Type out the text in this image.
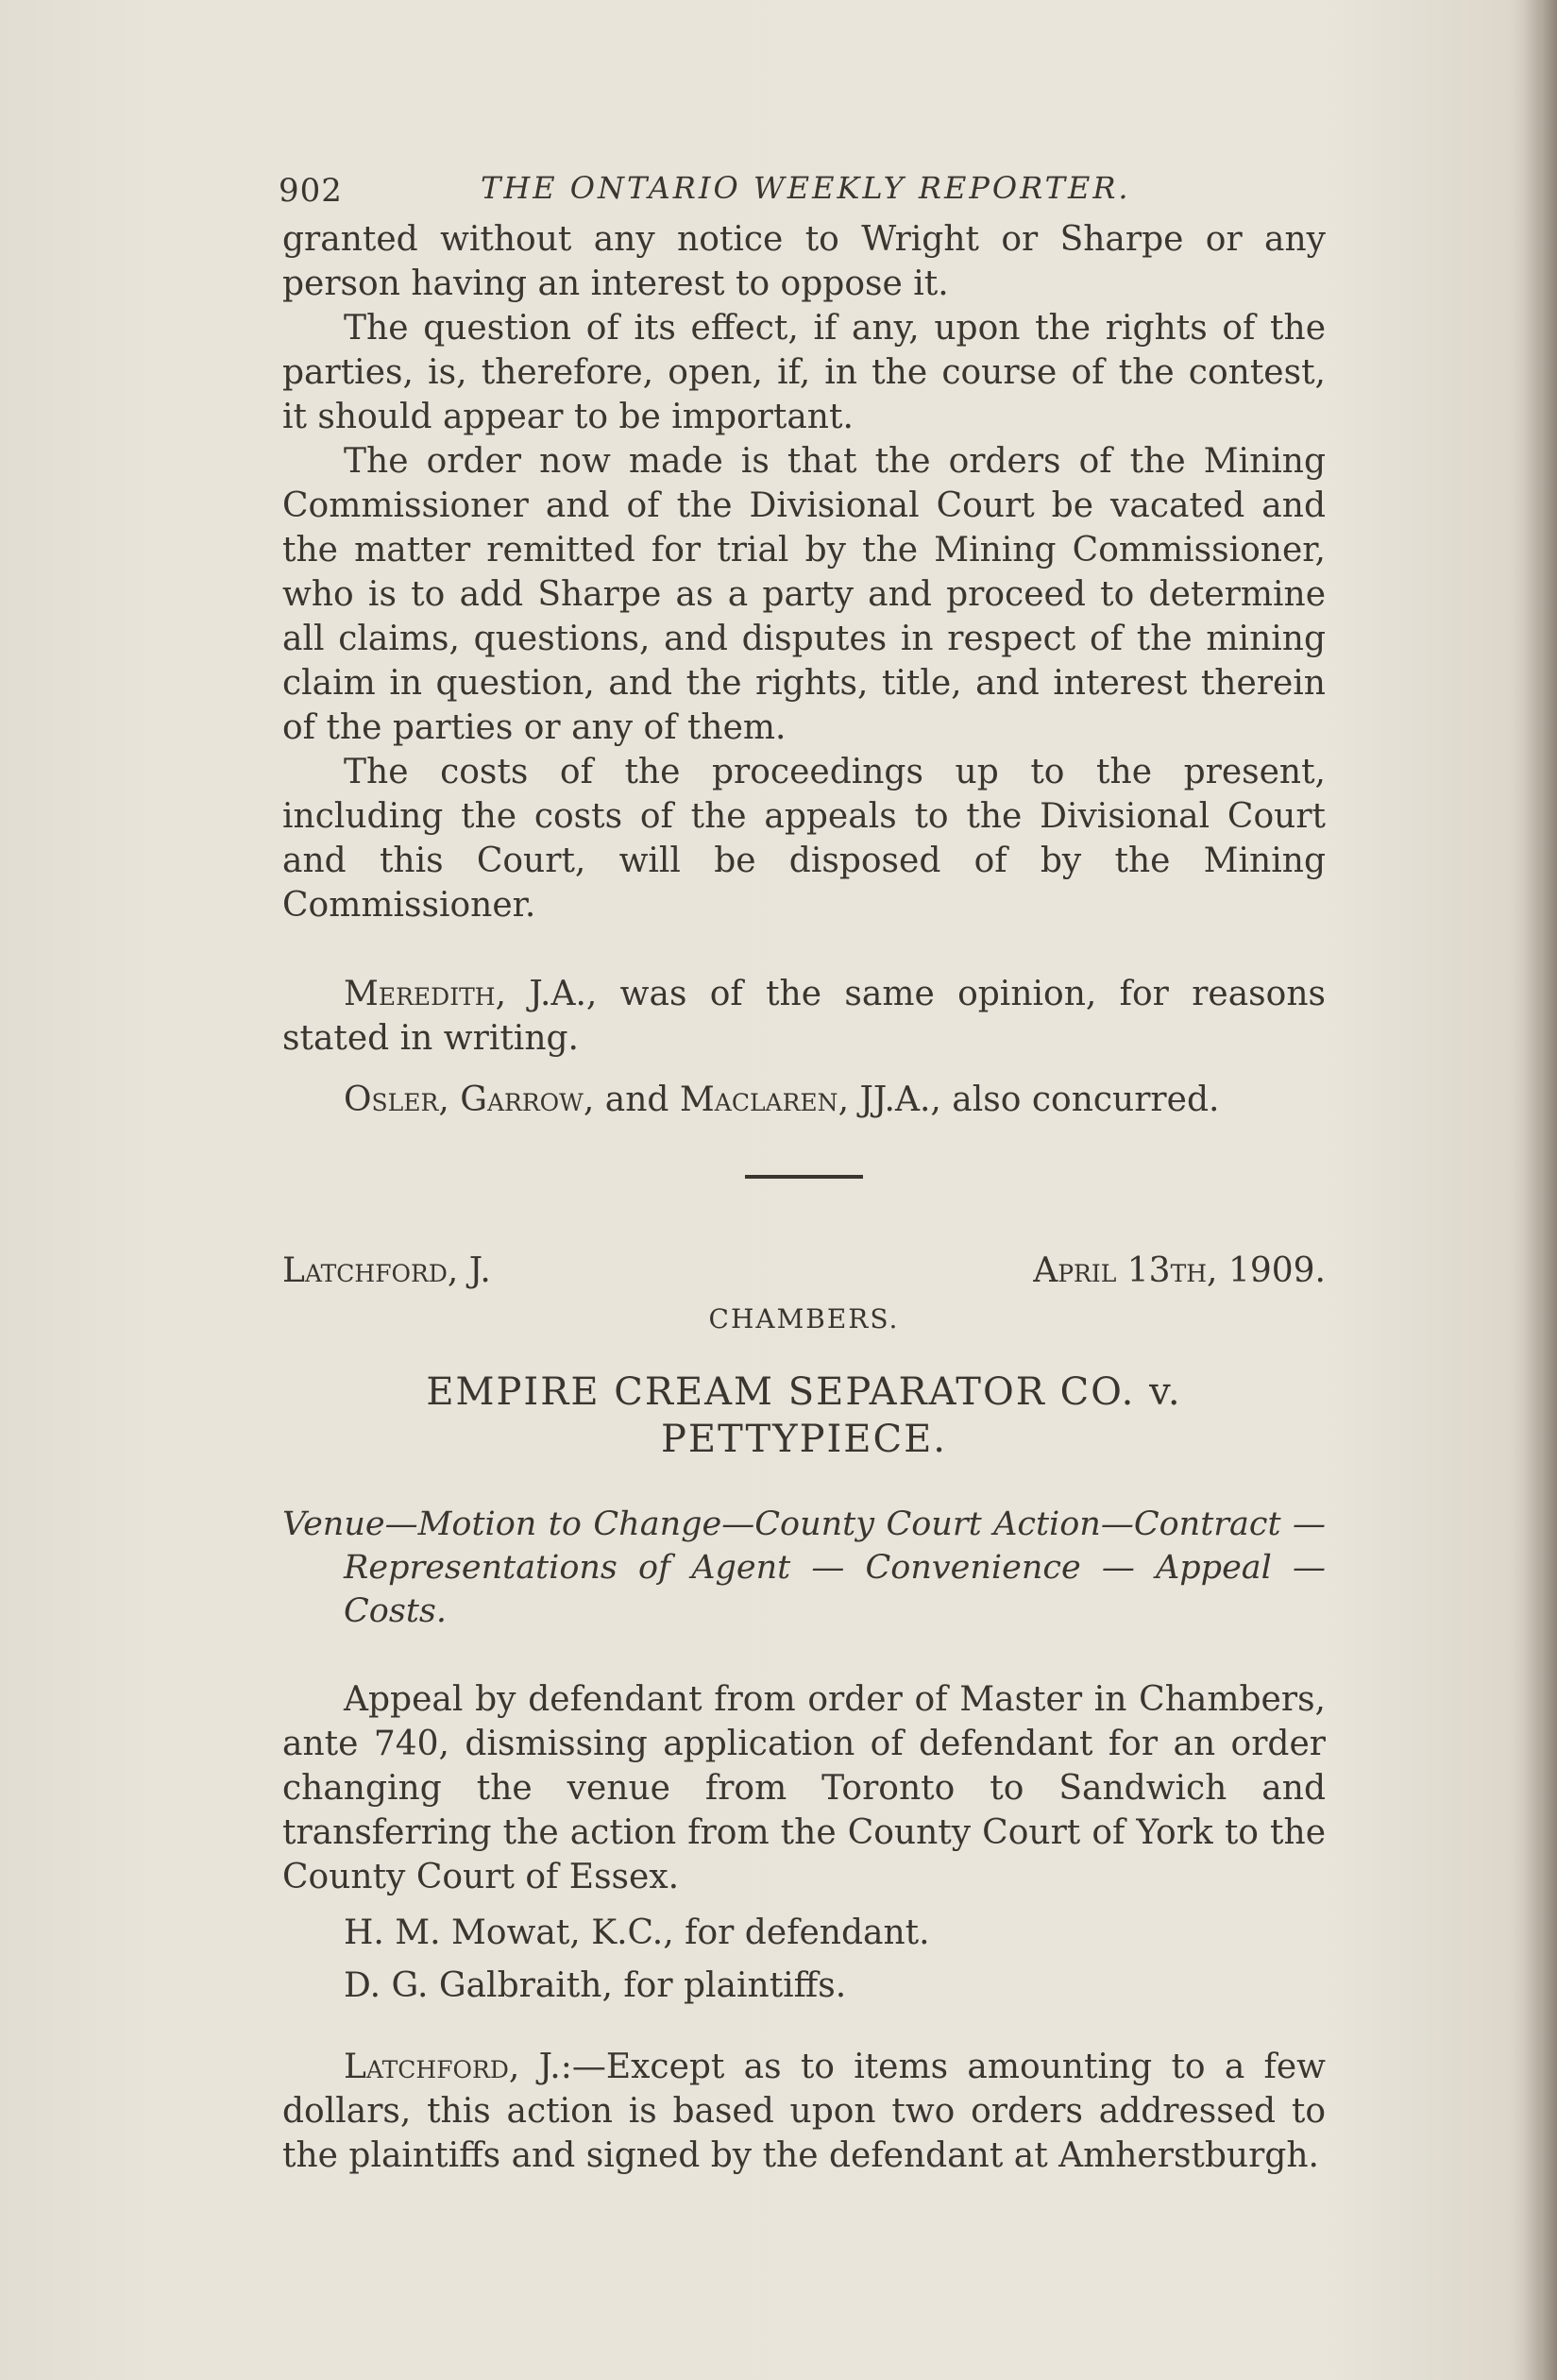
902	THE ONTARIO WEEKLY REPORTER.

granted without any notice to Wright or Sharpe or any person having an interest to oppose it.

The question of its effect, if any, upon the rights of the parties, is, therefore, open, if, in the course of the contest, it should appear to be important.

The order now made is that the orders of the Mining Commissioner and of the Divisional Court be vacated and the matter remitted for trial by the Mining Commissioner, who is to add Sharpe as a party and proceed to determine all claims, questions, and disputes in respect of the mining claim in question, and the rights, title, and interest therein of the parties or any of them.

The costs of the proceedings up to the present, including the costs of the appeals to the Divisional Court and this Court, will be disposed of by the Mining Commissioner.

Meredith, J.A., was of the same opinion, for reasons stated in writing.

Osler, Garrow, and Maclaren, JJ.A., also concurred.

Latchford, J.	April 13th, 1909.
CHAMBERS.
EMPIRE CREAM SEPARATOR CO. v. PETTYPIECE.
Venue—Motion to Change—County Court Action—Contract —Representations of Agent — Convenience — Appeal — Costs.

Appeal by defendant from order of Master in Chambers, ante 740, dismissing application of defendant for an order changing the venue from Toronto to Sandwich and transferring the action from the County Court of York to the County Court of Essex.

H. M. Mowat, K.C., for defendant.
D. G. Galbraith, for plaintiffs.

Latchford, J.:—Except as to items amounting to a few dollars, this action is based upon two orders addressed to the plaintiffs and signed by the defendant at Amherstburgh.
